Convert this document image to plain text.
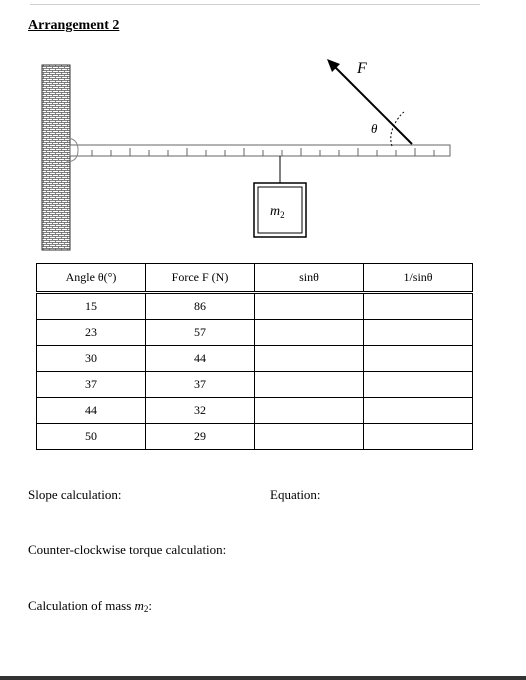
Arrangement 2
$m_2$
F
θ
Angle θ(°)	Force F (N)	sinθ	1/sinθ
15	86		
23	57		
30	44		
37	37		
44	32		
50	29		
Slope calculation:	Equation:
Counter-clockwise torque calculation:
Calculation of mass m2:
